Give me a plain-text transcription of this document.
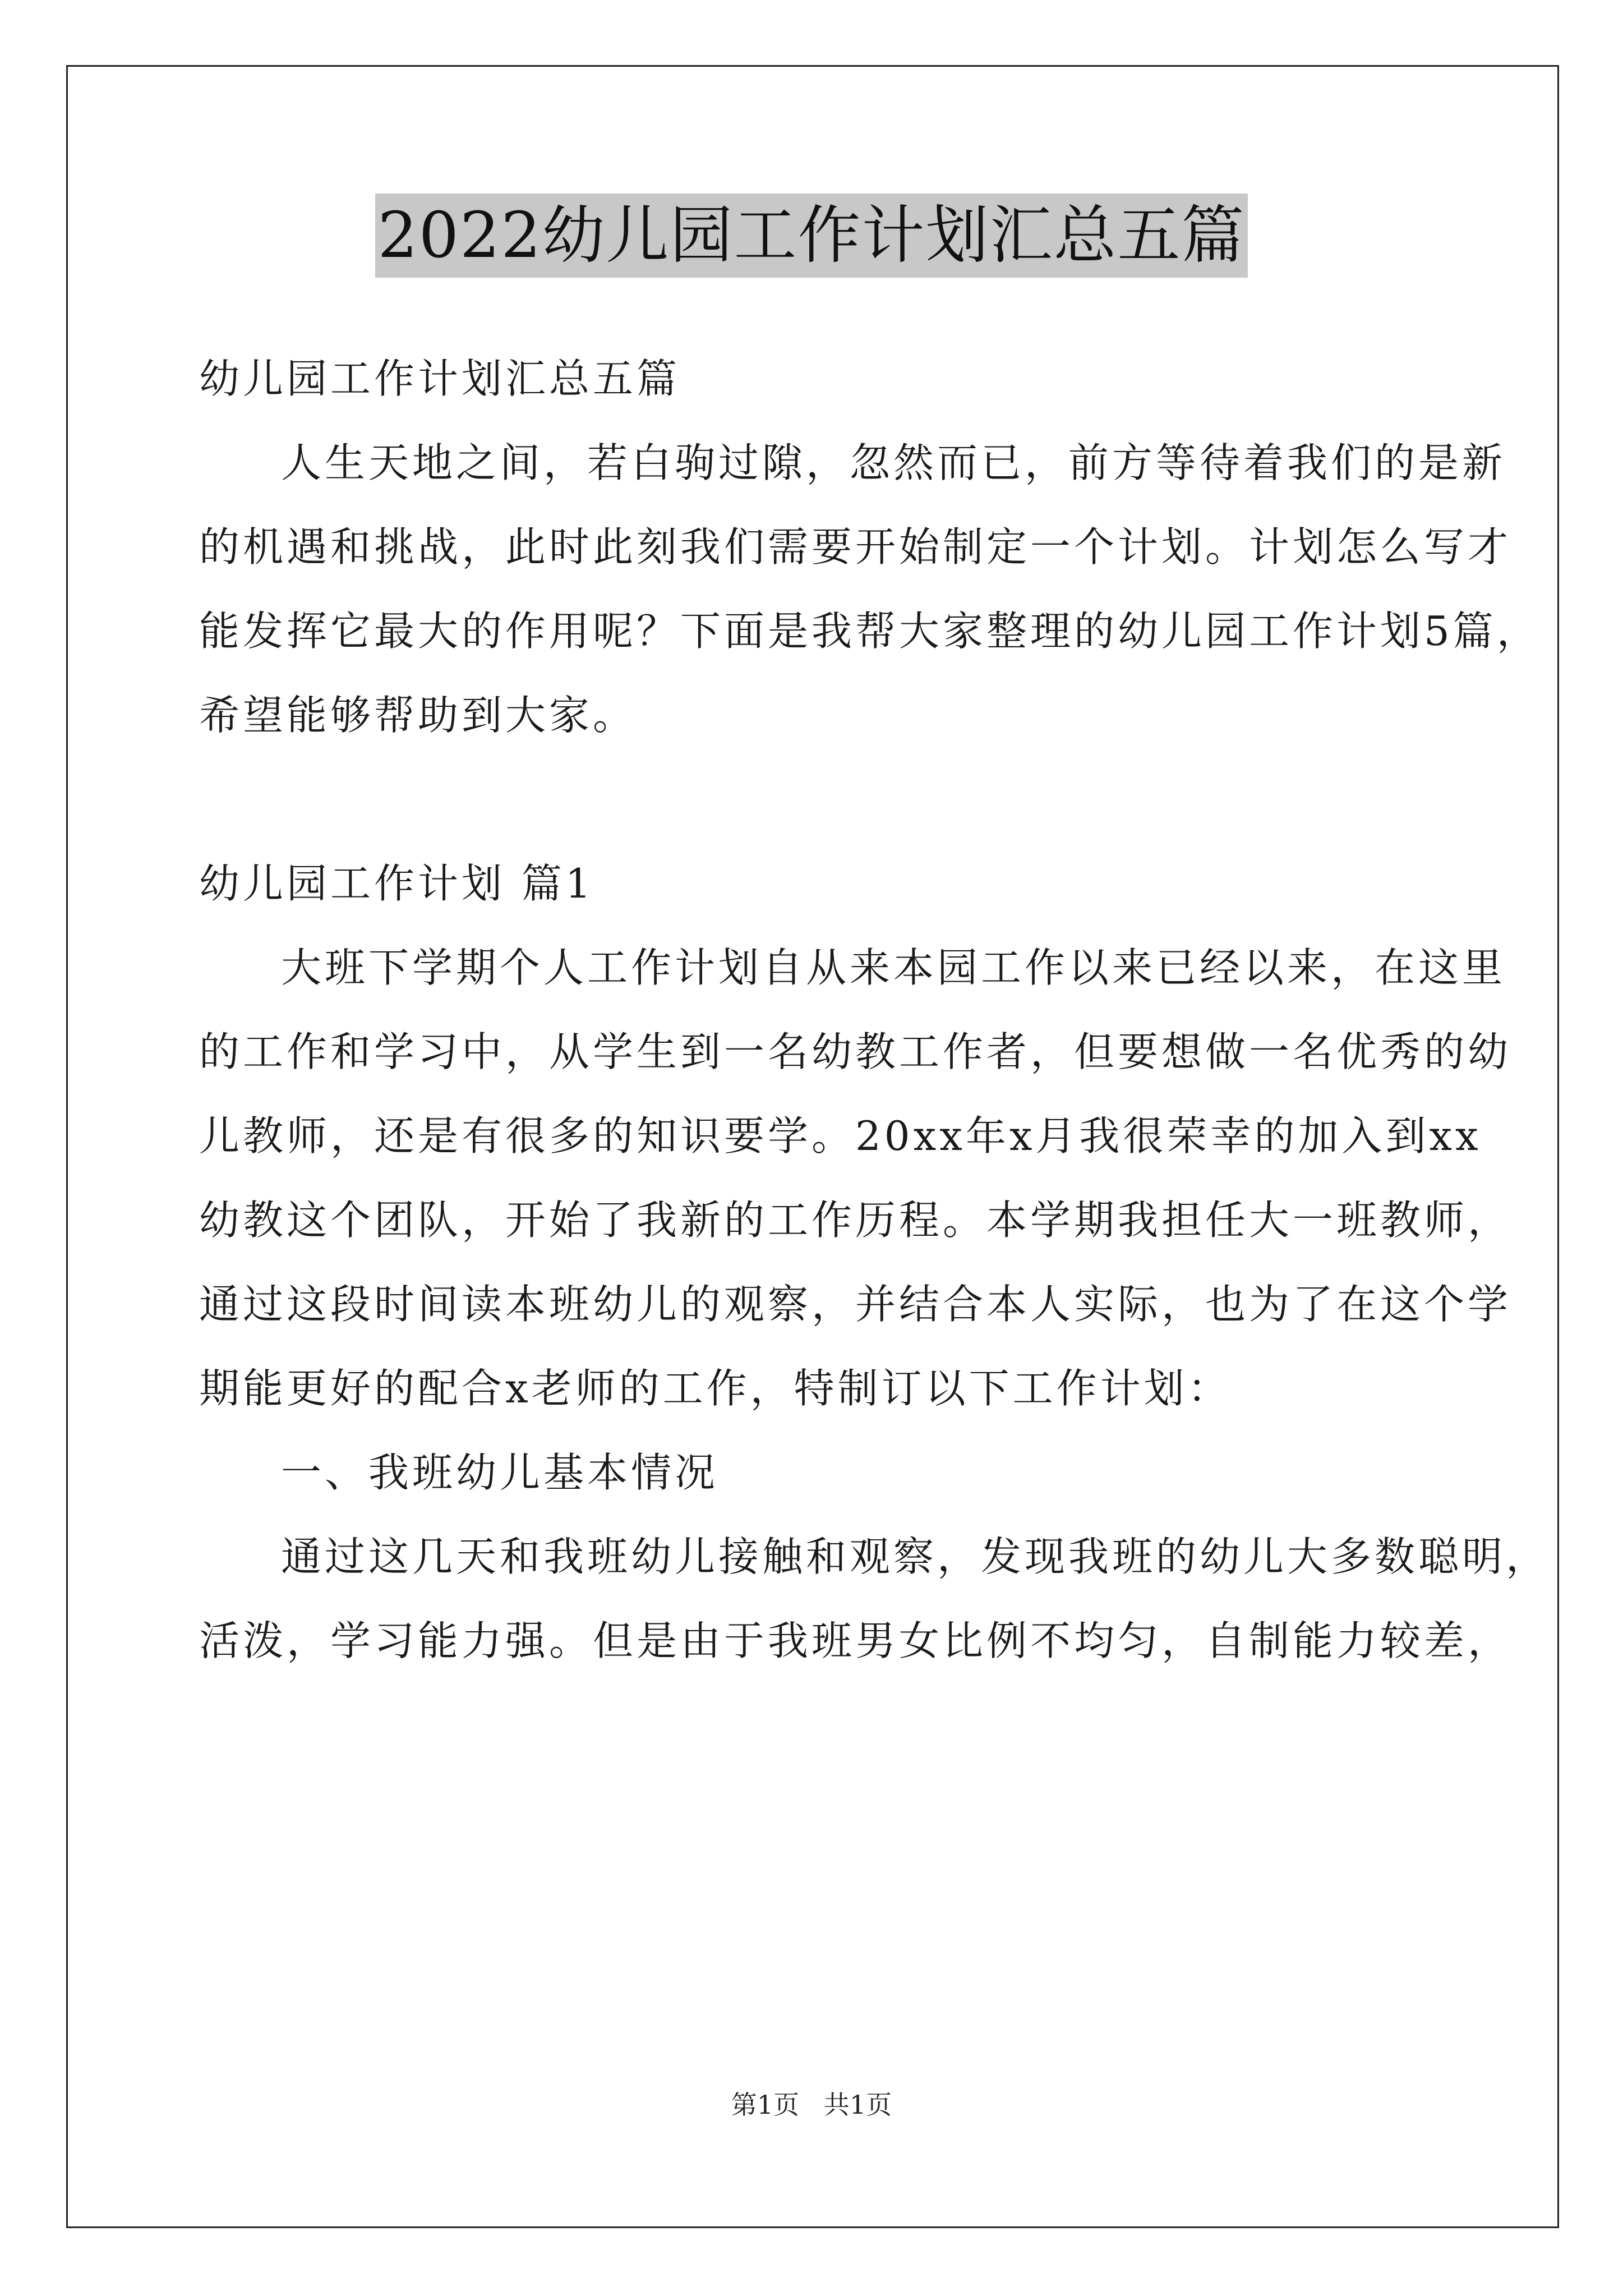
2022幼儿园工作计划汇总五篇
幼儿园工作计划汇总五篇
人生天地之间，若白驹过隙，忽然而已，前方等待着我们的是新
的机遇和挑战，此时此刻我们需要开始制定一个计划。计划怎么写才
能发挥它最大的作用呢？下面是我帮大家整理的幼儿园工作计划5篇，
希望能够帮助到大家。
幼儿园工作计划 篇1
大班下学期个人工作计划自从来本园工作以来已经以来，在这里
的工作和学习中，从学生到一名幼教工作者，但要想做一名优秀的幼
儿教师，还是有很多的知识要学。20xx年x月我很荣幸的加入到xx
幼教这个团队，开始了我新的工作历程。本学期我担任大一班教师，
通过这段时间读本班幼儿的观察，并结合本人实际，也为了在这个学
期能更好的配合x老师的工作，特制订以下工作计划：
一、我班幼儿基本情况
通过这几天和我班幼儿接触和观察，发现我班的幼儿大多数聪明，
活泼，学习能力强。但是由于我班男女比例不均匀，自制能力较差，
第1页   共1页
